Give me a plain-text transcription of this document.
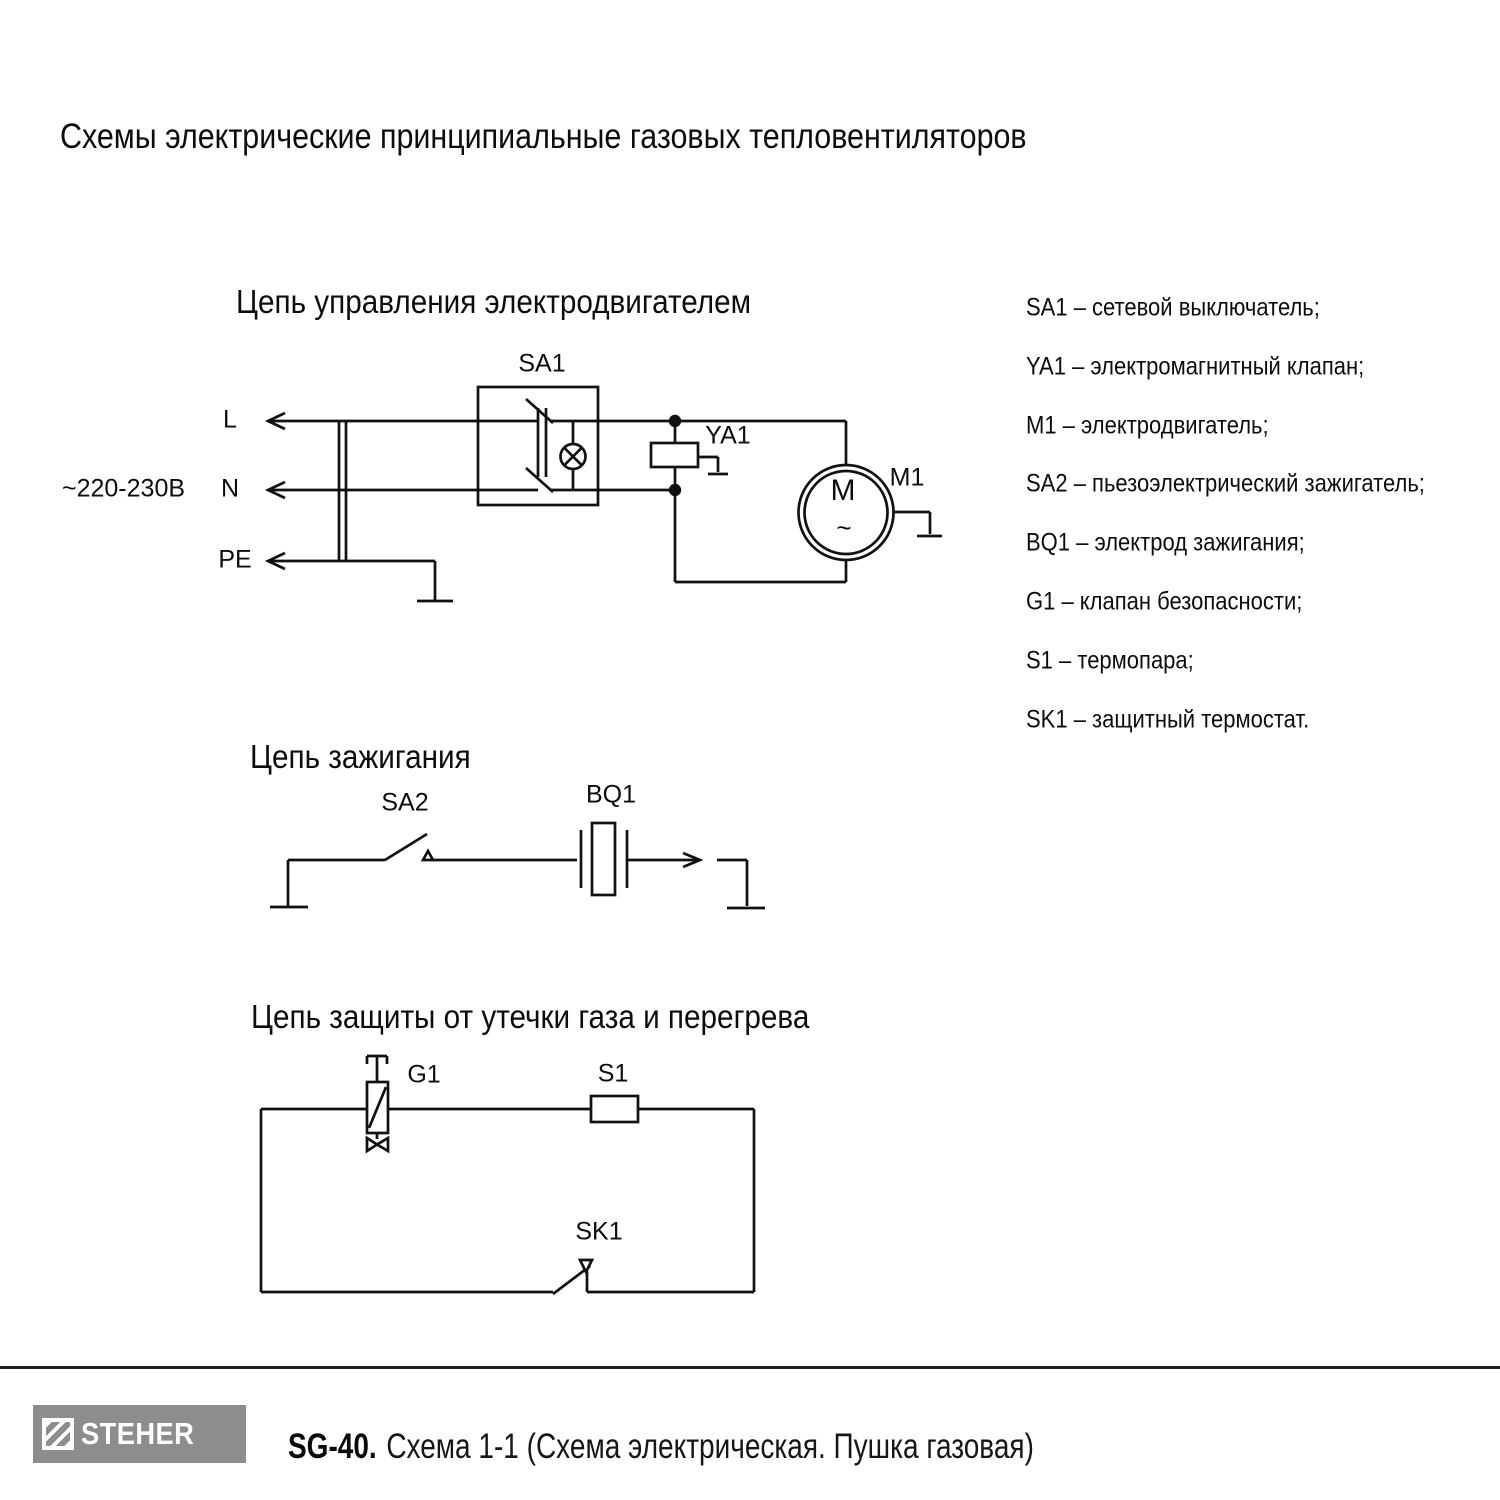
Схемы электрические принципиальные газовых тепловентиляторов
Цепь управления электродвигателем
~220-230В
L
N
PE
SA1
YA1
M1
M
~
Цепь зажигания
SA2	BQ1
Цепь защиты от утечки газа и перегрева
G1	S1
SK1
SA1 – сетевой выключатель;
YA1 – электромагнитный клапан;
M1 – электродвигатель;
SA2 – пьезоэлектрический зажигатель;
BQ1 – электрод зажигания;
G1 – клапан безопасности;
S1 – термопара;
SK1 – защитный термостат.
STEHER	SG-40. Схема 1-1 (Схема электрическая. Пушка газовая)
